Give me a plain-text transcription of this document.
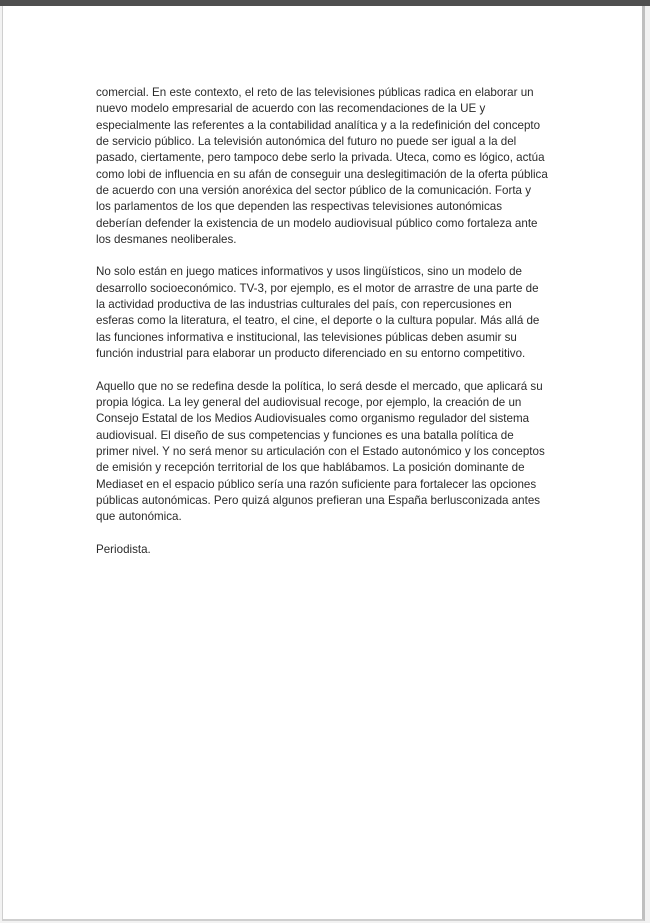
comercial. En este contexto, el reto de las televisiones públicas radica en elaborar un nuevo modelo empresarial de acuerdo con las recomendaciones de la UE y especialmente las referentes a la contabilidad analítica y a la redefinición del concepto de servicio público. La televisión autonómica del futuro no puede ser igual a la del pasado, ciertamente, pero tampoco debe serlo la privada. Uteca, como es lógico, actúa como lobi de influencia en su afán de conseguir una deslegitimación de la oferta pública de acuerdo con una versión anoréxica del sector público de la comunicación. Forta y los parlamentos de los que dependen las respectivas televisiones autonómicas deberían defender la existencia de un modelo audiovisual público como fortaleza ante los desmanes neoliberales.

No solo están en juego matices informativos y usos lingüísticos, sino un modelo de desarrollo socioeconómico. TV-3, por ejemplo, es el motor de arrastre de una parte de la actividad productiva de las industrias culturales del país, con repercusiones en esferas como la literatura, el teatro, el cine, el deporte o la cultura popular. Más allá de las funciones informativa e institucional, las televisiones públicas deben asumir su función industrial para elaborar un producto diferenciado en su entorno competitivo.

Aquello que no se redefina desde la política, lo será desde el mercado, que aplicará su propia lógica. La ley general del audiovisual recoge, por ejemplo, la creación de un Consejo Estatal de los Medios Audiovisuales como organismo regulador del sistema audiovisual. El diseño de sus competencias y funciones es una batalla política de primer nivel. Y no será menor su articulación con el Estado autonómico y los conceptos de emisión y recepción territorial de los que hablábamos. La posición dominante de Mediaset en el espacio público sería una razón suficiente para fortalecer las opciones públicas autonómicas. Pero quizá algunos prefieran una España berlusconizada antes que autonómica.

Periodista.
